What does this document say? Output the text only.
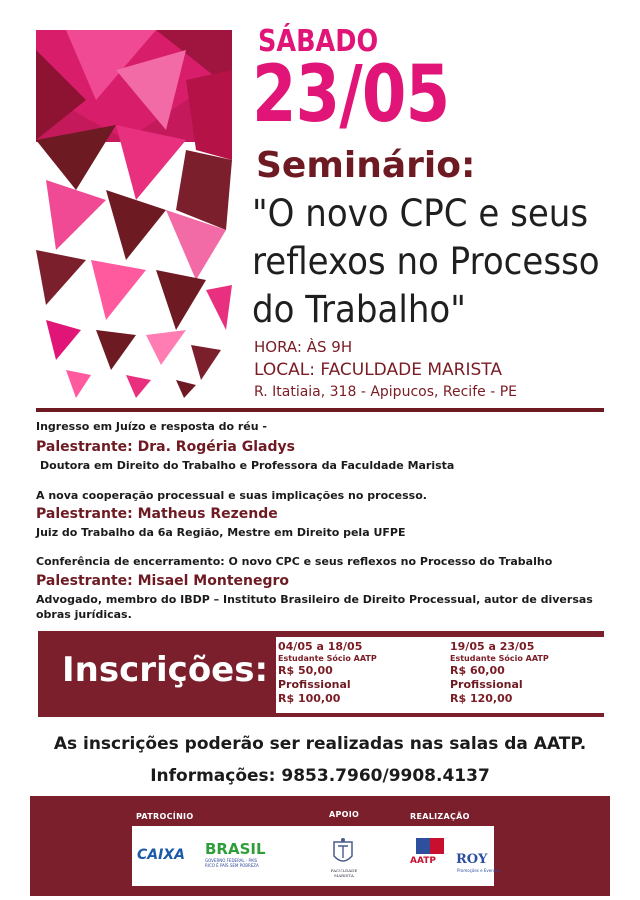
SÁBADO
23/05
Seminário:
"O novo CPC e seus
reflexos no Processo
do Trabalho"
HORA: ÀS 9H
LOCAL: FACULDADE MARISTA
R. Itatiaia, 318 - Apipucos, Recife - PE
Ingresso em Juízo e resposta do réu -
Palestrante: Dra. Rogéria Gladys
Doutora em Direito do Trabalho e Professora da Faculdade Marista
A nova cooperação processual e suas implicações no processo.
Palestrante: Matheus Rezende
Juiz do Trabalho da 6a Região, Mestre em Direito pela UFPE
Conferência de encerramento: O novo CPC e seus reflexos no Processo do Trabalho
Palestrante: Misael Montenegro
Advogado, membro do IBDP – Instituto Brasileiro de Direito Processual, autor de diversas
obras jurídicas.
Inscrições:
04/05 a 18/05
Estudante Sócio AATP
R$ 50,00
Profissional
R$ 100,00
19/05 a 23/05
Estudante Sócio AATP
R$ 60,00
Profissional
R$ 120,00
As inscrições poderão ser realizadas nas salas da AATP.
Informações: 9853.7960/9908.4137
PATROCÍNIO	APOIO	REALIZAÇÃO
CAIXA BRASIL
GOVERNO FEDERAL · PAÍS RICO É PAÍS SEM POBREZA
FACULDADE MARISTA
AATP ROY
Promoções e Eventos
